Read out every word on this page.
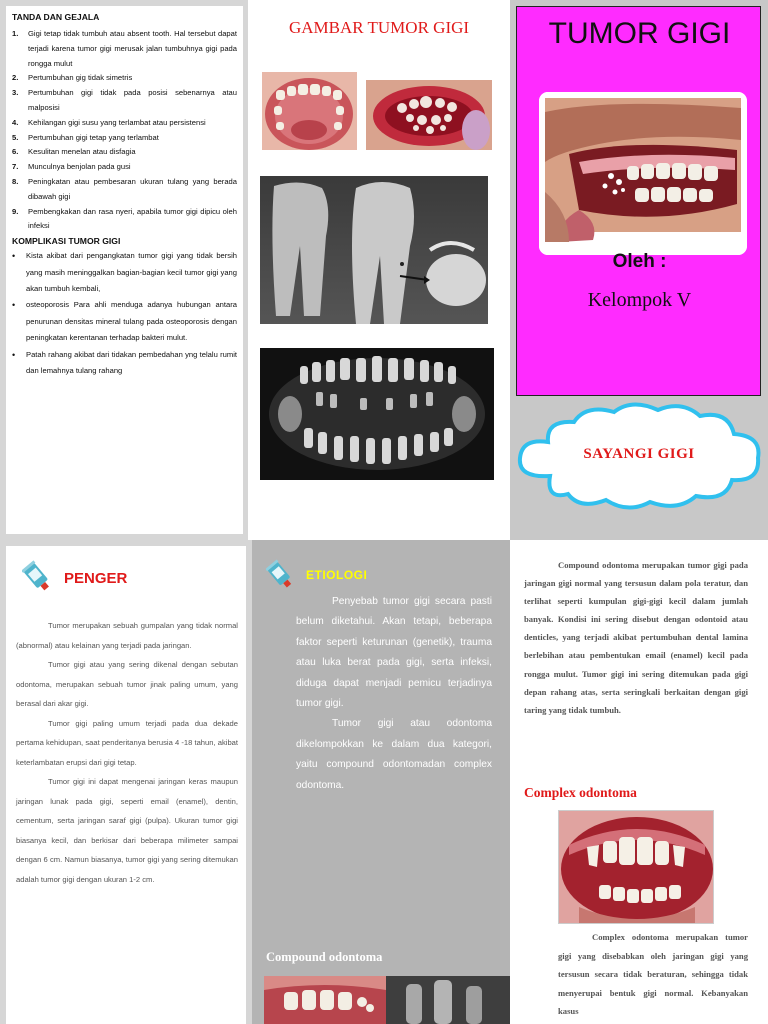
TANDA DAN GEJALA
1.	Gigi tetap tidak tumbuh atau absent tooth. Hal tersebut dapat terjadi karena tumor gigi merusak jalan tumbuhnya gigi pada rongga mulut
2.	Pertumbuhan gig tidak simetris
3.	Pertumbuhan gigi tidak pada posisi sebenarnya atau malposisi
4.	Kehilangan gigi susu yang terlambat atau persistensi
5.	Pertumbuhan gigi tetap yang terlambat
6.	Kesulitan menelan atau disfagia
7.	Munculnya benjolan pada gusi
8.	Peningkatan atau pembesaran ukuran tulang yang berada dibawah gigi
9.	Pembengkakan dan rasa nyeri, apabila tumor gigi dipicu oleh infeksi
KOMPLIKASI TUMOR GIGI
•	Kista akibat dari pengangkatan tumor gigi yang tidak bersih yang masih meninggalkan bagian-bagian kecil tumor gigi yang akan tumbuh kembali,
•	osteoporosis Para ahli menduga adanya hubungan antara penurunan densitas mineral tulang pada osteoporosis dengan peningkatan kerentanan terhadap bakteri mulut.
•	Patah rahang akibat dari tidakan pembedahan yng telalu rumit dan lemahnya tulang rahang
GAMBAR TUMOR GIGI	TUMOR GIGI
Oleh :
Kelompok V
SAYANGI GIGI
PENGER

Tumor merupakan sebuah gumpalan yang tidak normal (abnormal) atau kelainan yang terjadi pada jaringan.

Tumor gigi atau yang sering dikenal dengan sebutan odontoma, merupakan sebuah tumor jinak paling umum, yang berasal dari akar gigi.

Tumor gigi paling umum terjadi pada dua dekade pertama kehidupan, saat penderitanya berusia 4 -18 tahun, akibat keterlambatan erupsi dari gigi tetap.

Tumor gigi ini dapat mengenai jaringan keras maupun jaringan lunak pada gigi, seperti email (enamel), dentin, cementum, serta jaringan saraf gigi (pulpa). Ukuran tumor gigi biasanya kecil, dan berkisar dari beberapa milimeter sampai dengan 6 cm. Namun biasanya, tumor gigi yang sering ditemukan adalah tumor gigi dengan ukuran 1-2 cm.

ETIOLOGI

Penyebab tumor gigi secara pasti belum diketahui. Akan tetapi, beberapa faktor seperti keturunan (genetik), trauma atau luka berat pada gigi, serta infeksi, diduga dapat menjadi pemicu terjadinya tumor gigi.

Tumor gigi atau odontoma dikelompokkan ke dalam dua kategori, yaitu compound odontomadan complex odontoma.

Compound odontoma

Compound odontoma merupakan tumor gigi pada jaringan gigi normal yang tersusun dalam pola teratur, dan terlihat seperti kumpulan gigi-gigi kecil dalam jumlah banyak. Kondisi ini sering disebut dengan odontoid atau denticles, yang terjadi akibat pertumbuhan dental lamina berlebihan atau pembentukan email (enamel) kecil pada rongga mulut. Tumor gigi ini sering ditemukan pada gigi depan rahang atas, serta seringkali berkaitan dengan gigi taring yang tidak tumbuh.

Complex odontoma

Complex odontoma merupakan tumor gigi yang disebabkan oleh jaringan gigi yang tersusun secara tidak beraturan, sehingga tidak menyerupai bentuk gigi normal. Kebanyakan kasus
